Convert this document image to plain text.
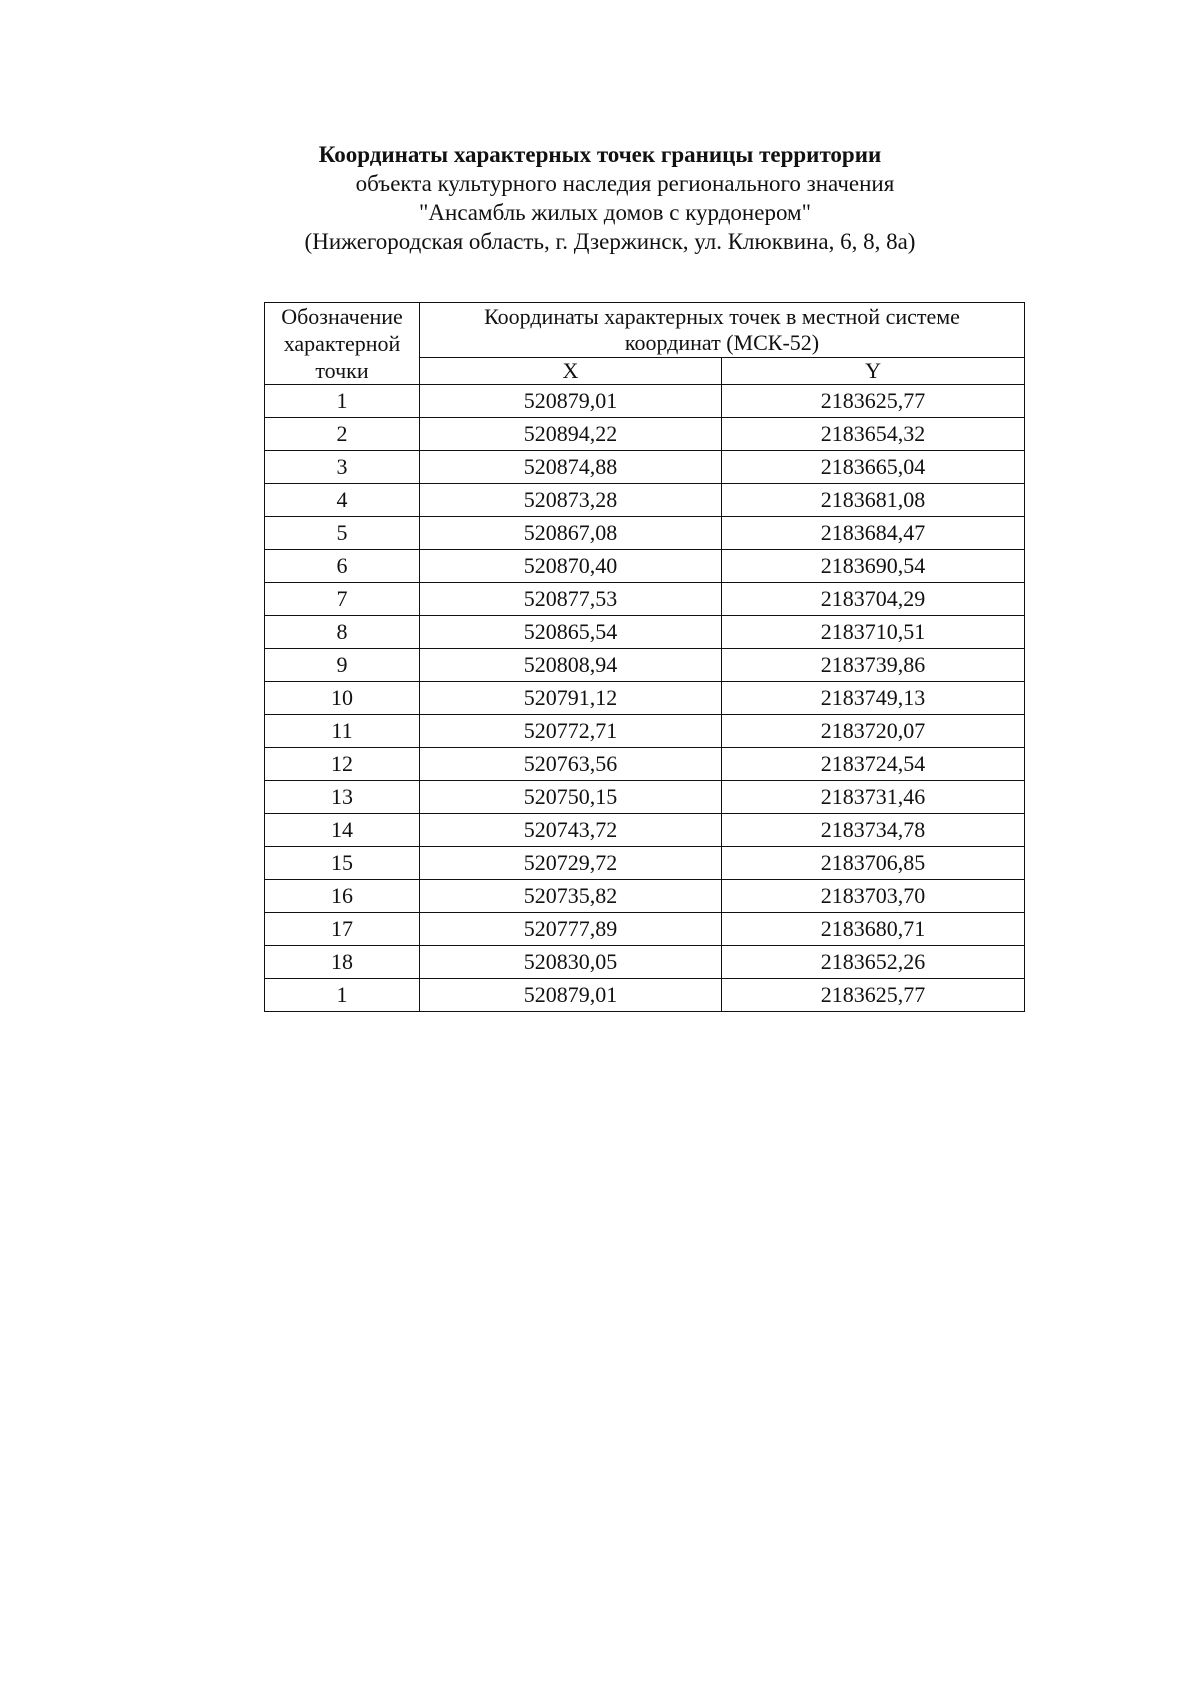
Координаты характерных точек границы территории
объекта культурного наследия регионального значения
"Ансамбль жилых домов с курдонером"
(Нижегородская область, г. Дзержинск, ул. Клюквина, 6, 8, 8а)
Обозначение
характерной
точки	Координаты характерных точек в местной системе
координат (МСК-52)	
	X	Y
1	520879,01	2183625,77
2	520894,22	2183654,32
3	520874,88	2183665,04
4	520873,28	2183681,08
5	520867,08	2183684,47
6	520870,40	2183690,54
7	520877,53	2183704,29
8	520865,54	2183710,51
9	520808,94	2183739,86
10	520791,12	2183749,13
11	520772,71	2183720,07
12	520763,56	2183724,54
13	520750,15	2183731,46
14	520743,72	2183734,78
15	520729,72	2183706,85
16	520735,82	2183703,70
17	520777,89	2183680,71
18	520830,05	2183652,26
1	520879,01	2183625,77
